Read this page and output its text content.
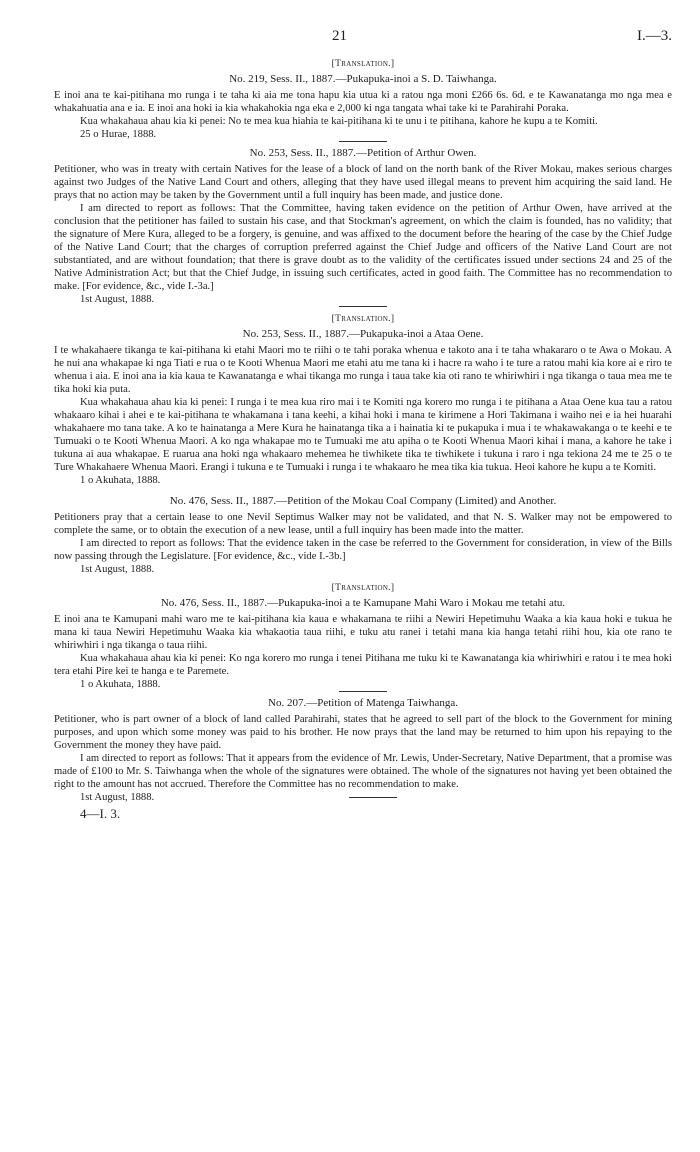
21	I.—3.
[Translation.]
No. 219, Sess. II., 1887.—Pukapuka-inoi a S. D. Taiwhanga.

E inoi ana te kai-pitihana mo runga i te taha ki aia me tona hapu kia utua ki a ratou nga moni £266 6s. 6d. e te Kawanatanga mo nga mea e whakahuatia ana e ia. E inoi ana hoki ia kia whakahokia nga eka e 2,000 ki nga tangata whai take ki te Parahirahi Poraka.

Kua whakahaua ahau kia ki penei: No te mea kua hiahia te kai-pitihana ki te unu i te pitihana, kahore he kupu a te Komiti.

25 o Hurae, 1888.
No. 253, Sess. II., 1887.—Petition of Arthur Owen.

Petitioner, who was in treaty with certain Natives for the lease of a block of land on the north bank of the River Mokau, makes serious charges against two Judges of the Native Land Court and others, alleging that they have used illegal means to prevent him acquiring the said land. He prays that no action may be taken by the Government until a full inquiry has been made, and justice done.

I am directed to report as follows: That the Committee, having taken evidence on the petition of Arthur Owen, have arrived at the conclusion that the petitioner has failed to sustain his case, and that Stockman's agreement, on which the claim is founded, has no validity; that the signature of Mere Kura, alleged to be a forgery, is genuine, and was affixed to the document before the hearing of the case by the Chief Judge of the Native Land Court; that the charges of corruption preferred against the Chief Judge and officers of the Native Land Court are not substantiated, and are without foundation; that there is grave doubt as to the validity of the certificates issued under sections 24 and 25 of the Native Administration Act; but that the Chief Judge, in issuing such certificates, acted in good faith. The Committee has no recommendation to make. [For evidence, &c., vide I.-3a.]

1st August, 1888.
[Translation.]
No. 253, Sess. II., 1887.—Pukapuka-inoi a Ataa Oene.

I te whakahaere tikanga te kai-pitihana ki etahi Maori mo te riihi o te tahi poraka whenua e takoto ana i te taha whakararo o te Awa o Mokau. A he nui ana whakapae ki nga Tiati e rua o te Kooti Whenua Maori me etahi atu me tana ki i hacre ra waho i te ture a ratou mahi kia kore ai e riro te whenua i aia. E inoi ana ia kia kaua te Kawanatanga e whai tikanga mo runga i taua take kia oti rano te whiriwhiri i nga tikanga o taua mea me te tika hoki kia puta.

Kua whakahaua ahau kia ki penei: I runga i te mea kua riro mai i te Komiti nga korero mo runga i te pitihana a Ataa Oene kua tau a ratou whakaaro kihai i ahei e te kai-pitihana te whakamana i tana keehi, a kihai hoki i mana te kirimene a Hori Takimana i waiho nei e ia hei huarahi whakahaere mo tana take. A ko te hainatanga a Mere Kura he hainatanga tika a i hainatia ki te pukapuka i mua i te whakawakanga o te keehi e te Tumuaki o te Kooti Whenua Maori. A ko nga whakapae mo te Tumuaki me atu apiha o te Kooti Whenua Maori kihai i mana, a kahore he take i tukuna ai aua whakapae. E ruarua ana hoki nga whakaaro mehemea he tiwhikete tika te tiwhikete i tukuna i raro i nga tekiona 24 me te 25 o te Ture Whakahaere Whenua Maori. Erangi i tukuna e te Tumuaki i runga i te whakaaro he mea tika kia tukua. Heoi kahore he kupu a te Komiti.

1 o Akuhata, 1888.
No. 476, Sess. II., 1887.—Petition of the Mokau Coal Company (Limited) and Another.

Petitioners pray that a certain lease to one Nevil Septimus Walker may not be validated, and that N. S. Walker may not be empowered to complete the same, or to obtain the execution of a new lease, until a full inquiry has been made into the matter.

I am directed to report as follows: That the evidence taken in the case be referred to the Government for consideration, in view of the Bills now passing through the Legislature. [For evidence, &c., vide I.-3b.]

1st August, 1888.
[Translation.]
No. 476, Sess. II., 1887.—Pukapuka-inoi a te Kamupane Mahi Waro i Mokau me tetahi atu.

E inoi ana te Kamupani mahi waro me te kai-pitihana kia kaua e whakamana te riihi a Newiri Hepetimuhu Waaka a kia kaua hoki e tukua he mana ki taua Newiri Hepetimuhu Waaka kia whakaotia taua riihi, e tuku atu ranei i tetahi mana kia hanga tetahi riihi hou, kia ote rano te whiriwhiri i nga tikanga o taua riihi.

Kua whakahaua ahau kia ki penei: Ko nga korero mo runga i tenei Pitihana me tuku ki te Kawanatanga kia whiriwhiri e ratou i te mea hoki tera etahi Pire kei te hanga e te Paremete.

1 o Akuhata, 1888.
No. 207.—Petition of Matenga Taiwhanga.

Petitioner, who is part owner of a block of land called Parahirahi, states that he agreed to sell part of the block to the Government for mining purposes, and upon which some money was paid to his brother. He now prays that the land may be returned to him upon his repaying to the Government the money they have paid.

I am directed to report as follows: That it appears from the evidence of Mr. Lewis, Under-Secretary, Native Department, that a promise was made of £100 to Mr. S. Taiwhanga when the whole of the signatures were obtained. The whole of the signatures not having yet been obtained the right to the amount has not accrued. Therefore the Committee has no recommendation to make.

1st August, 1888.
4—I. 3.
